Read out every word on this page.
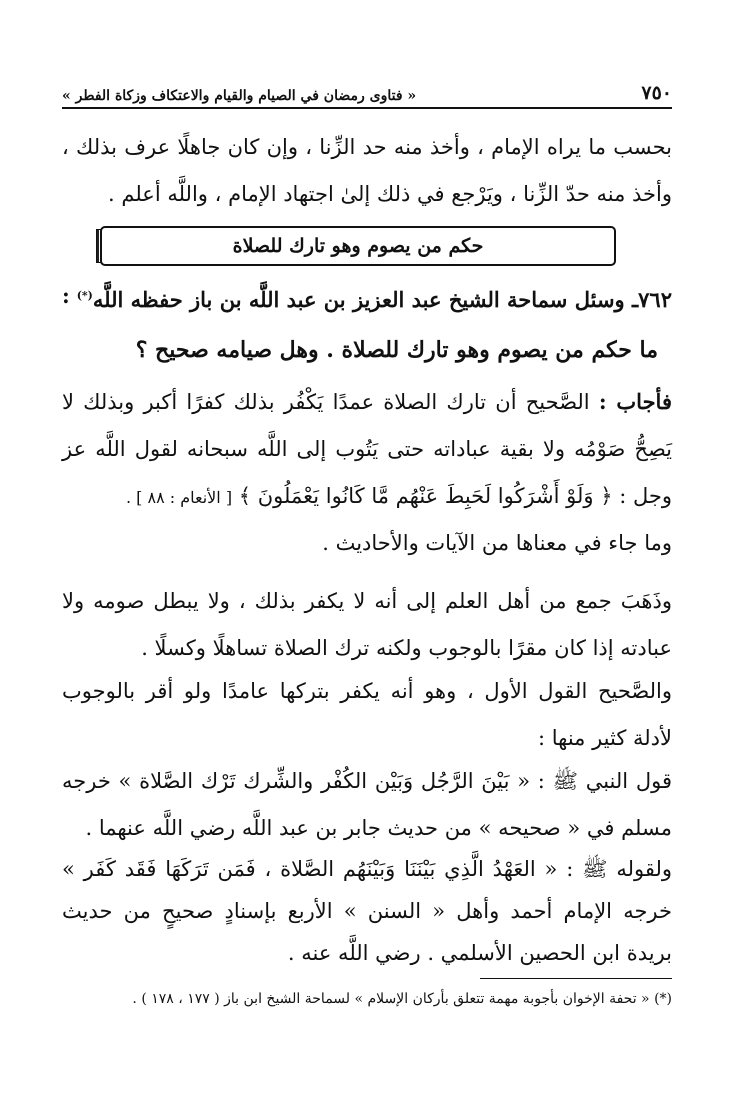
٧٥٠
« فتاوى رمضان في الصيام والقيام والاعتكاف وزكاة الفطر »

بحسب ما يراه الإمام ، وأخذ منه حد الزِّنا ، وإن كان جاهلًا عرف بذلك ، وأخذ منه حدّ الزِّنا ، ويَرْجع في ذلك إلىٰ اجتهاد الإمام ، واللَّه أعلم .

حكم من يصوم وهو تارك للصلاة
٧٦٢ـ وسئل سماحة الشيخ عبد العزيز بن عبد اللَّه بن باز حفظه اللَّه(*)
:
ما حكم من يصوم وهو تارك للصلاة . وهل صيامه صحيح ؟

فأجاب : الصَّحيح أن تارك الصلاة عمدًا يَكْفُر بذلك كفرًا أكبر وبذلك لا يَصِحُّ صَوْمُه ولا بقية عباداته حتى يَتُوب إلى اللَّه سبحانه لقول اللَّه عز وجل : ﴿ وَلَوْ أَشْرَكُوا لَحَبِطَ عَنْهُم مَّا كَانُوا يَعْمَلُونَ ﴾ [ الأنعام : ٨٨ ] .

وما جاء في معناها من الآيات والأحاديث .

وذَهَبَ جمع من أهل العلم إلى أنه لا يكفر بذلك ، ولا يبطل صومه ولا عبادته إذا كان مقرًا بالوجوب ولكنه ترك الصلاة تساهلًا وكسلًا .

والصَّحيح القول الأول ، وهو أنه يكفر بتركها عامدًا ولو أقر بالوجوب لأدلة كثير منها :

قول النبي ﷺ : « بَيْنَ الرَّجُل وَبَيْن الكُفْر والشِّرك تَرْك الصَّلاة » خرجه مسلم في « صحيحه » من حديث جابر بن عبد اللَّه رضي اللَّه عنهما .

ولقوله ﷺ : « العَهْدُ الَّذِي بَيْنَنَا وَبَيْنَهُم الصَّلاة ، فَمَن تَرَكَهَا فَقَد كَفَر » خرجه الإمام أحمد وأهل « السنن » الأربع بإسنادٍ صحيحٍ من حديث بريدة ابن الحصين الأسلمي . رضي اللَّه عنه .

(*) « تحفة الإخوان بأجوبة مهمة تتعلق بأركان الإسلام » لسماحة الشيخ ابن باز ( ١٧٧ ، ١٧٨ ) .
